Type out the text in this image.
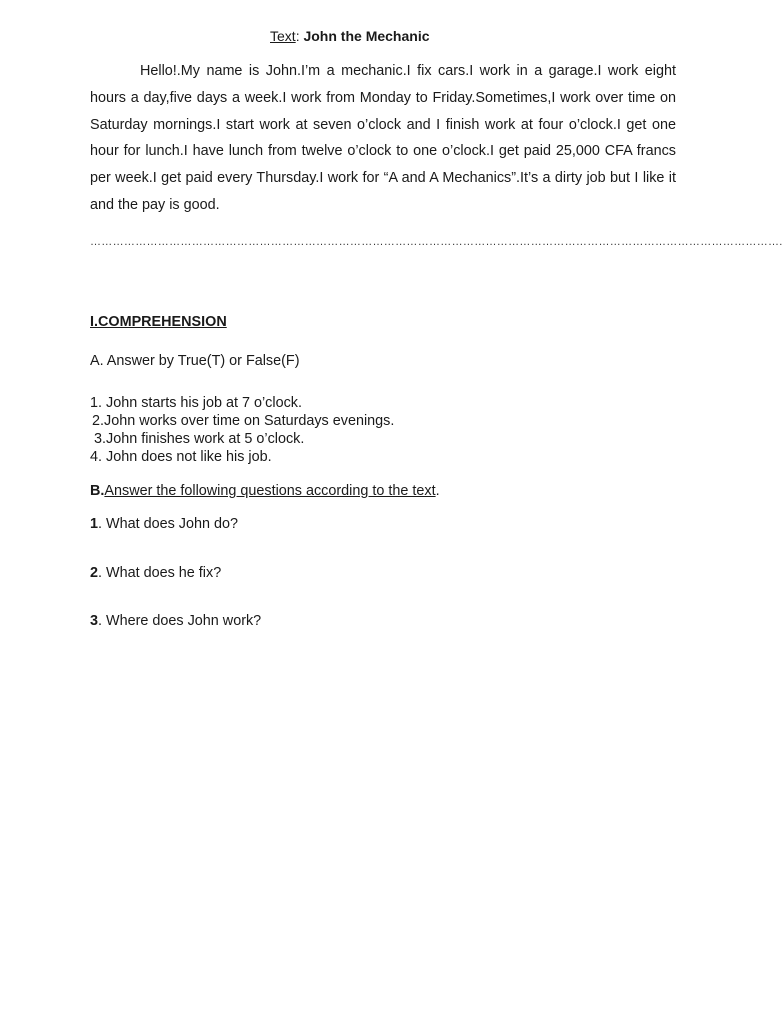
Text: John the Mechanic

Hello!.My name is John.I’m a mechanic.I fix cars.I work in a garage.I work eight hours a day,five days a week.I work from Monday to Friday.Sometimes,I work over time on Saturday mornings.I start work at seven o’clock and I finish work at four o’clock.I get one hour for lunch.I have lunch from twelve o’clock to one o’clock.I get paid 25,000 CFA francs per week.I get paid every Thursday.I work for “A and A Mechanics”.It’s a dirty job but I like it and the pay is good.

………………………………………………………………………………………………………………………………………………………………….
I.COMPREHENSION
A. Answer by True(T) or False(F)
1. John starts his job at 7 o’clock.
2.John works over time on Saturdays evenings.
3.John finishes work at 5 o’clock.
4. John does not like his job.
B.Answer the following questions according to the text.
1. What does John do?
2. What does he fix?
3. Where does John work?
